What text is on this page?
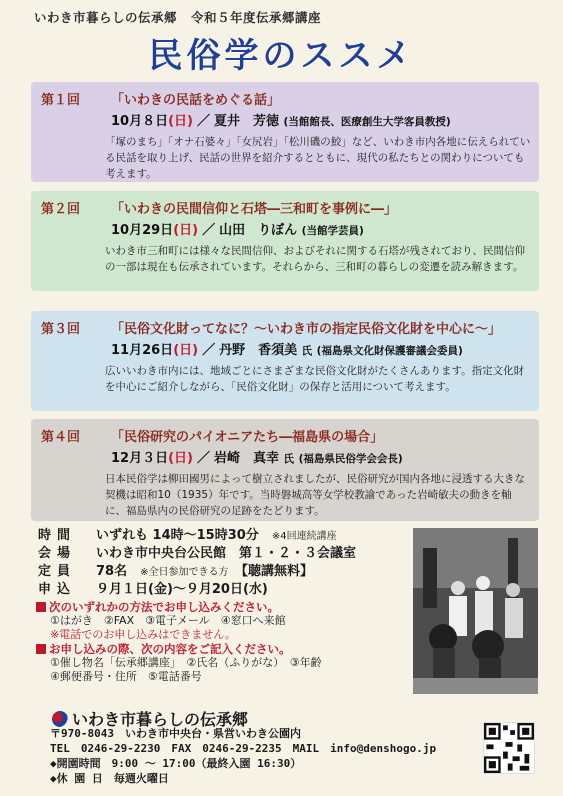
いわき市暮らしの伝承郷 令和５年度伝承郷講座
民俗学のススメ
第１回 「いわきの民話をめぐる話」
10月８日(日) ／ 夏井　芳徳 (当館館長、医療創生大学客員教授)
「塚のまち」「オナ石婆々」「女尻岩」「松川磯の鮫」など、いわき市内各地に伝えられている民話を取り上げ、民話の世界を紹介するとともに、現代の私たちとの関わりについても考えます。
第２回 「いわきの民間信仰と石塔―三和町を事例に―」
10月29日(日) ／ 山田　りぼん (当館学芸員)
いわき市三和町には様々な民間信仰、およびそれに関する石塔が残されており、民間信仰の一部は現在も伝承されています。それらから、三和町の暮らしの変遷を読み解きます。
第３回 「民俗文化財ってなに？〜いわき市の指定民俗文化財を中心に〜」
11月26日(日) ／ 丹野　香須美 氏 (福島県文化財保護審議会委員)
広いいわき市内には、地域ごとにさまざまな民俗文化財がたくさんあります。指定文化財を中心にご紹介しながら、「民俗文化財」の保存と活用について考えます。
第４回 「民俗研究のパイオニアたち―福島県の場合」
12月３日(日) ／ 岩崎　真幸 氏 (福島県民俗学会会長)
日本民俗学は柳田國男によって樹立されましたが、民俗研究が国内各地に浸透する大きな契機は昭和10（1935）年です。当時磐城高等女学校教諭であった岩崎敏夫の動きを軸に、福島県内の民俗研究の足跡をたどります。
時間 いずれも 14時〜15時30分　 ※4回連続講座
会場 いわき市中央台公民館　第１・２・３会議室
定員 78名　 ※全日参加できる方　 【聴講無料】
申込 ９月１日(金)〜９月20日(水)
次のいずれかの方法でお申し込みください。
①はがき　②FAX　③電子メール　④窓口へ来館
※電話でのお申し込みはできません。
お申し込みの際、次の内容をご記入ください。
①催し物名「伝承郷講座」　②氏名（ふりがな）　③年齢
④郵便番号・住所　⑤電話番号
いわき市暮らしの伝承郷
〒970-8043　いわき市中央台・県営いわき公園内
TEL　0246-29-2230　FAX　0246-29-2235　MAIL　info@denshogo.jp
◆開園時間　9:00 〜 17:00（最終入園 16:30）
◆休 園 日　毎週火曜日
